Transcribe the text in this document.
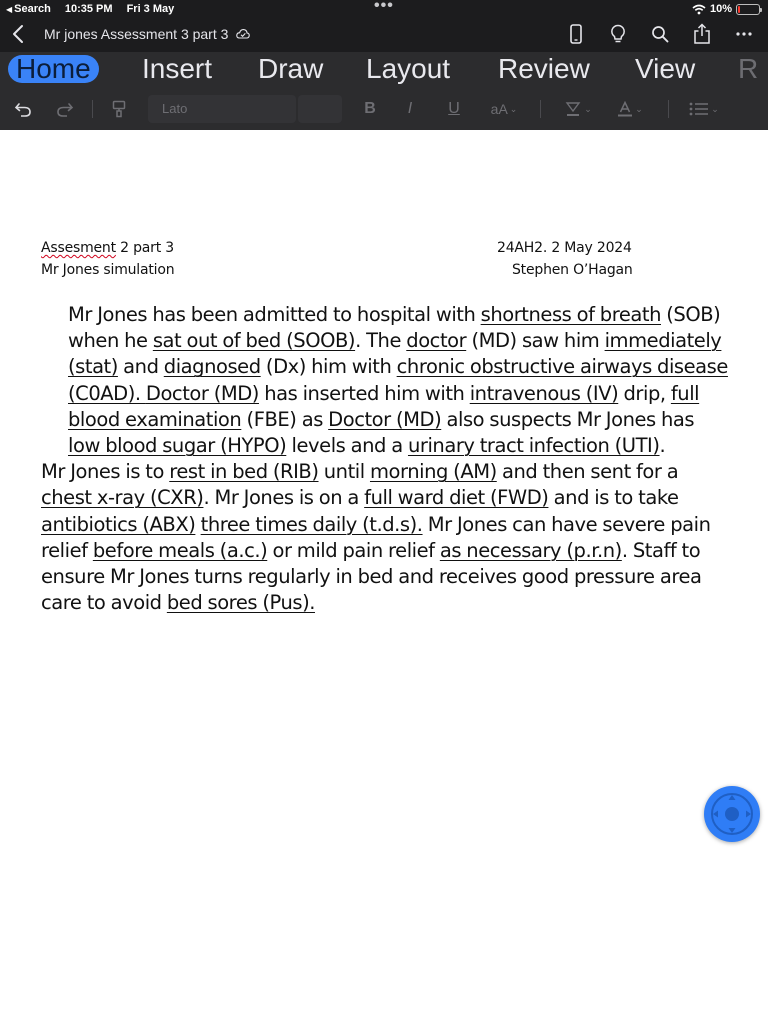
◀ Search 10:35 PM Fri 3 May	•••	10%
Mr jones Assessment 3 part 3
Home Insert Draw Layout Review View R
Lato	B	I	U	aA ⌄	⌄	⌄	⌄
Assesment 2 part 3
Mr Jones simulation
24AH2. 2 May 2024
Stephen O’Hagan

Mr Jones has been admitted to hospital with shortness of breath (SOB) when he sat out of bed (SOOB). The doctor (MD) saw him immediately (stat) and diagnosed (Dx) him with chronic obstructive airways disease (C0AD). Doctor (MD) has inserted him with intravenous (IV) drip, full blood examination (FBE) as Doctor (MD) also suspects Mr Jones has low blood sugar (HYPO) levels and a urinary tract infection (UTI).

Mr Jones is to rest in bed (RIB) until morning (AM) and then sent for a chest x-ray (CXR). Mr Jones is on a full ward diet (FWD) and is to take antibiotics (ABX) three times daily (t.d.s). Mr Jones can have severe pain relief before meals (a.c.) or mild pain relief as necessary (p.r.n). Staff to ensure Mr Jones turns regularly in bed and receives good pressure area care to avoid bed sores (Pus).
